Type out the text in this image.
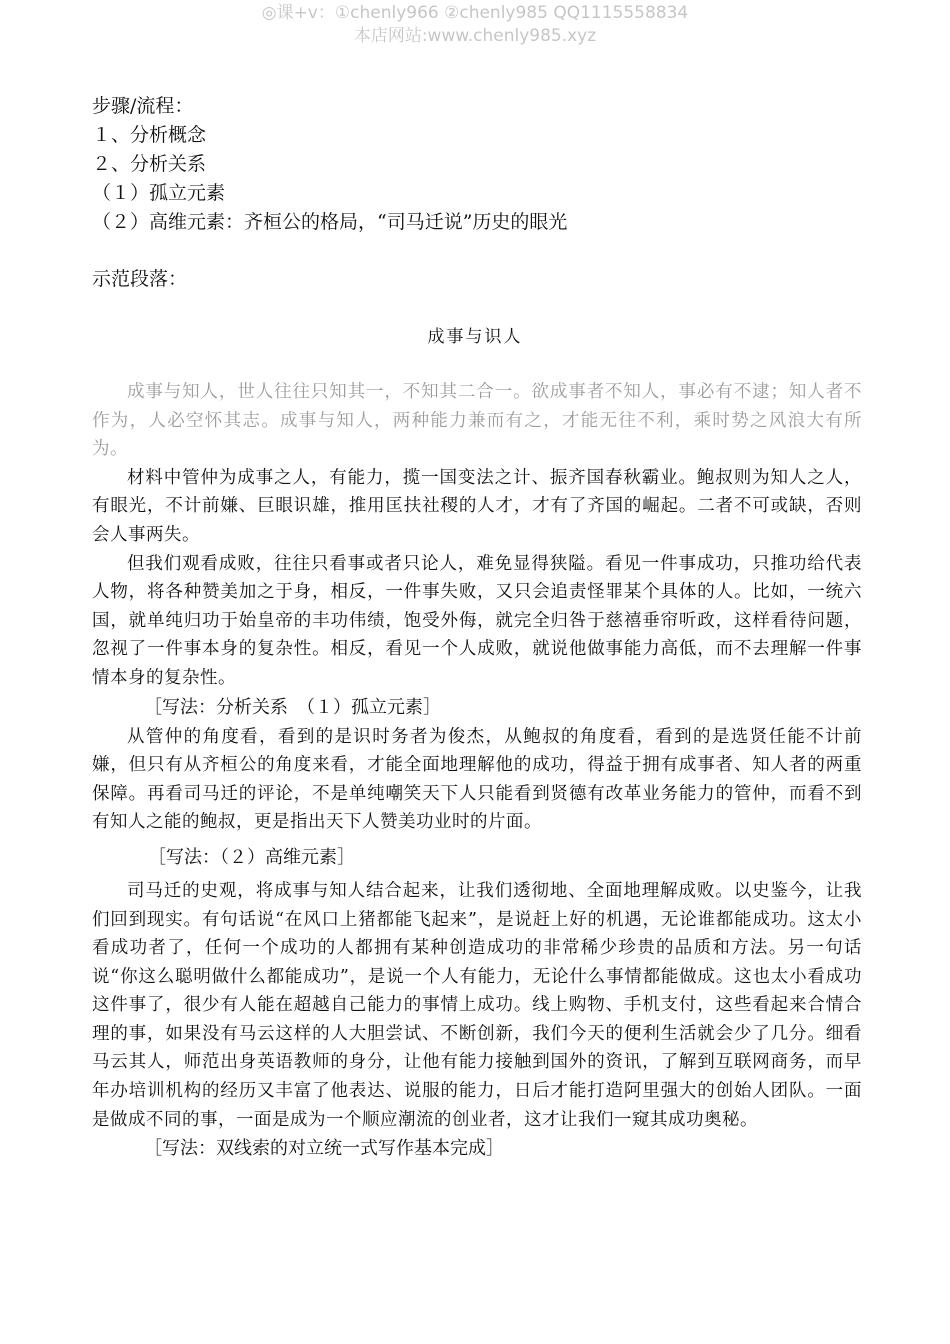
◎课+v：①chenly966 ②chenly985 QQ1115558834
本店网站:www.chenly985.xyz
步骤/流程：
１、分析概念
２、分析关系
（１）孤立元素
（２）高维元素：齐桓公的格局，“司马迁说”历史的眼光
示范段落：
成事与识人

成事与知人，世人往往只知其一，不知其二合一。欲成事者不知人，事必有不逮；知人者不作为，人必空怀其志。成事与知人，两种能力兼而有之，才能无往不利，乘时势之风浪大有所为。

材料中管仲为成事之人，有能力，揽一国变法之计、振齐国春秋霸业。鲍叔则为知人之人，有眼光，不计前嫌、巨眼识雄，推用匡扶社稷的人才，才有了齐国的崛起。二者不可或缺，否则会人事两失。

但我们观看成败，往往只看事或者只论人，难免显得狭隘。看见一件事成功，只推功给代表人物，将各种赞美加之于身，相反，一件事失败，又只会追责怪罪某个具体的人。比如，一统六国，就单纯归功于始皇帝的丰功伟绩，饱受外侮，就完全归咎于慈禧垂帘听政，这样看待问题，忽视了一件事本身的复杂性。相反，看见一个人成败，就说他做事能力高低，而不去理解一件事情本身的复杂性。

［写法：分析关系　（１）孤立元素］

从管仲的角度看，看到的是识时务者为俊杰，从鲍叔的角度看，看到的是选贤任能不计前嫌，但只有从齐桓公的角度来看，才能全面地理解他的成功，得益于拥有成事者、知人者的两重保障。再看司马迁的评论，不是单纯嘲笑天下人只能看到贤德有改革业务能力的管仲，而看不到有知人之能的鲍叔，更是指出天下人赞美功业时的片面。

［写法：（２）高维元素］

司马迁的史观，将成事与知人结合起来，让我们透彻地、全面地理解成败。以史鉴今，让我们回到现实。有句话说“在风口上猪都能飞起来”，是说赶上好的机遇，无论谁都能成功。这太小看成功者了，任何一个成功的人都拥有某种创造成功的非常稀少珍贵的品质和方法。另一句话说“你这么聪明做什么都能成功”，是说一个人有能力，无论什么事情都能做成。这也太小看成功这件事了，很少有人能在超越自己能力的事情上成功。线上购物、手机支付，这些看起来合情合理的事，如果没有马云这样的人大胆尝试、不断创新，我们今天的便利生活就会少了几分。细看马云其人，师范出身英语教师的身分，让他有能力接触到国外的资讯，了解到互联网商务，而早年办培训机构的经历又丰富了他表达、说服的能力，日后才能打造阿里强大的创始人团队。一面是做成不同的事，一面是成为一个顺应潮流的创业者，这才让我们一窥其成功奥秘。

［写法：双线索的对立统一式写作基本完成］
